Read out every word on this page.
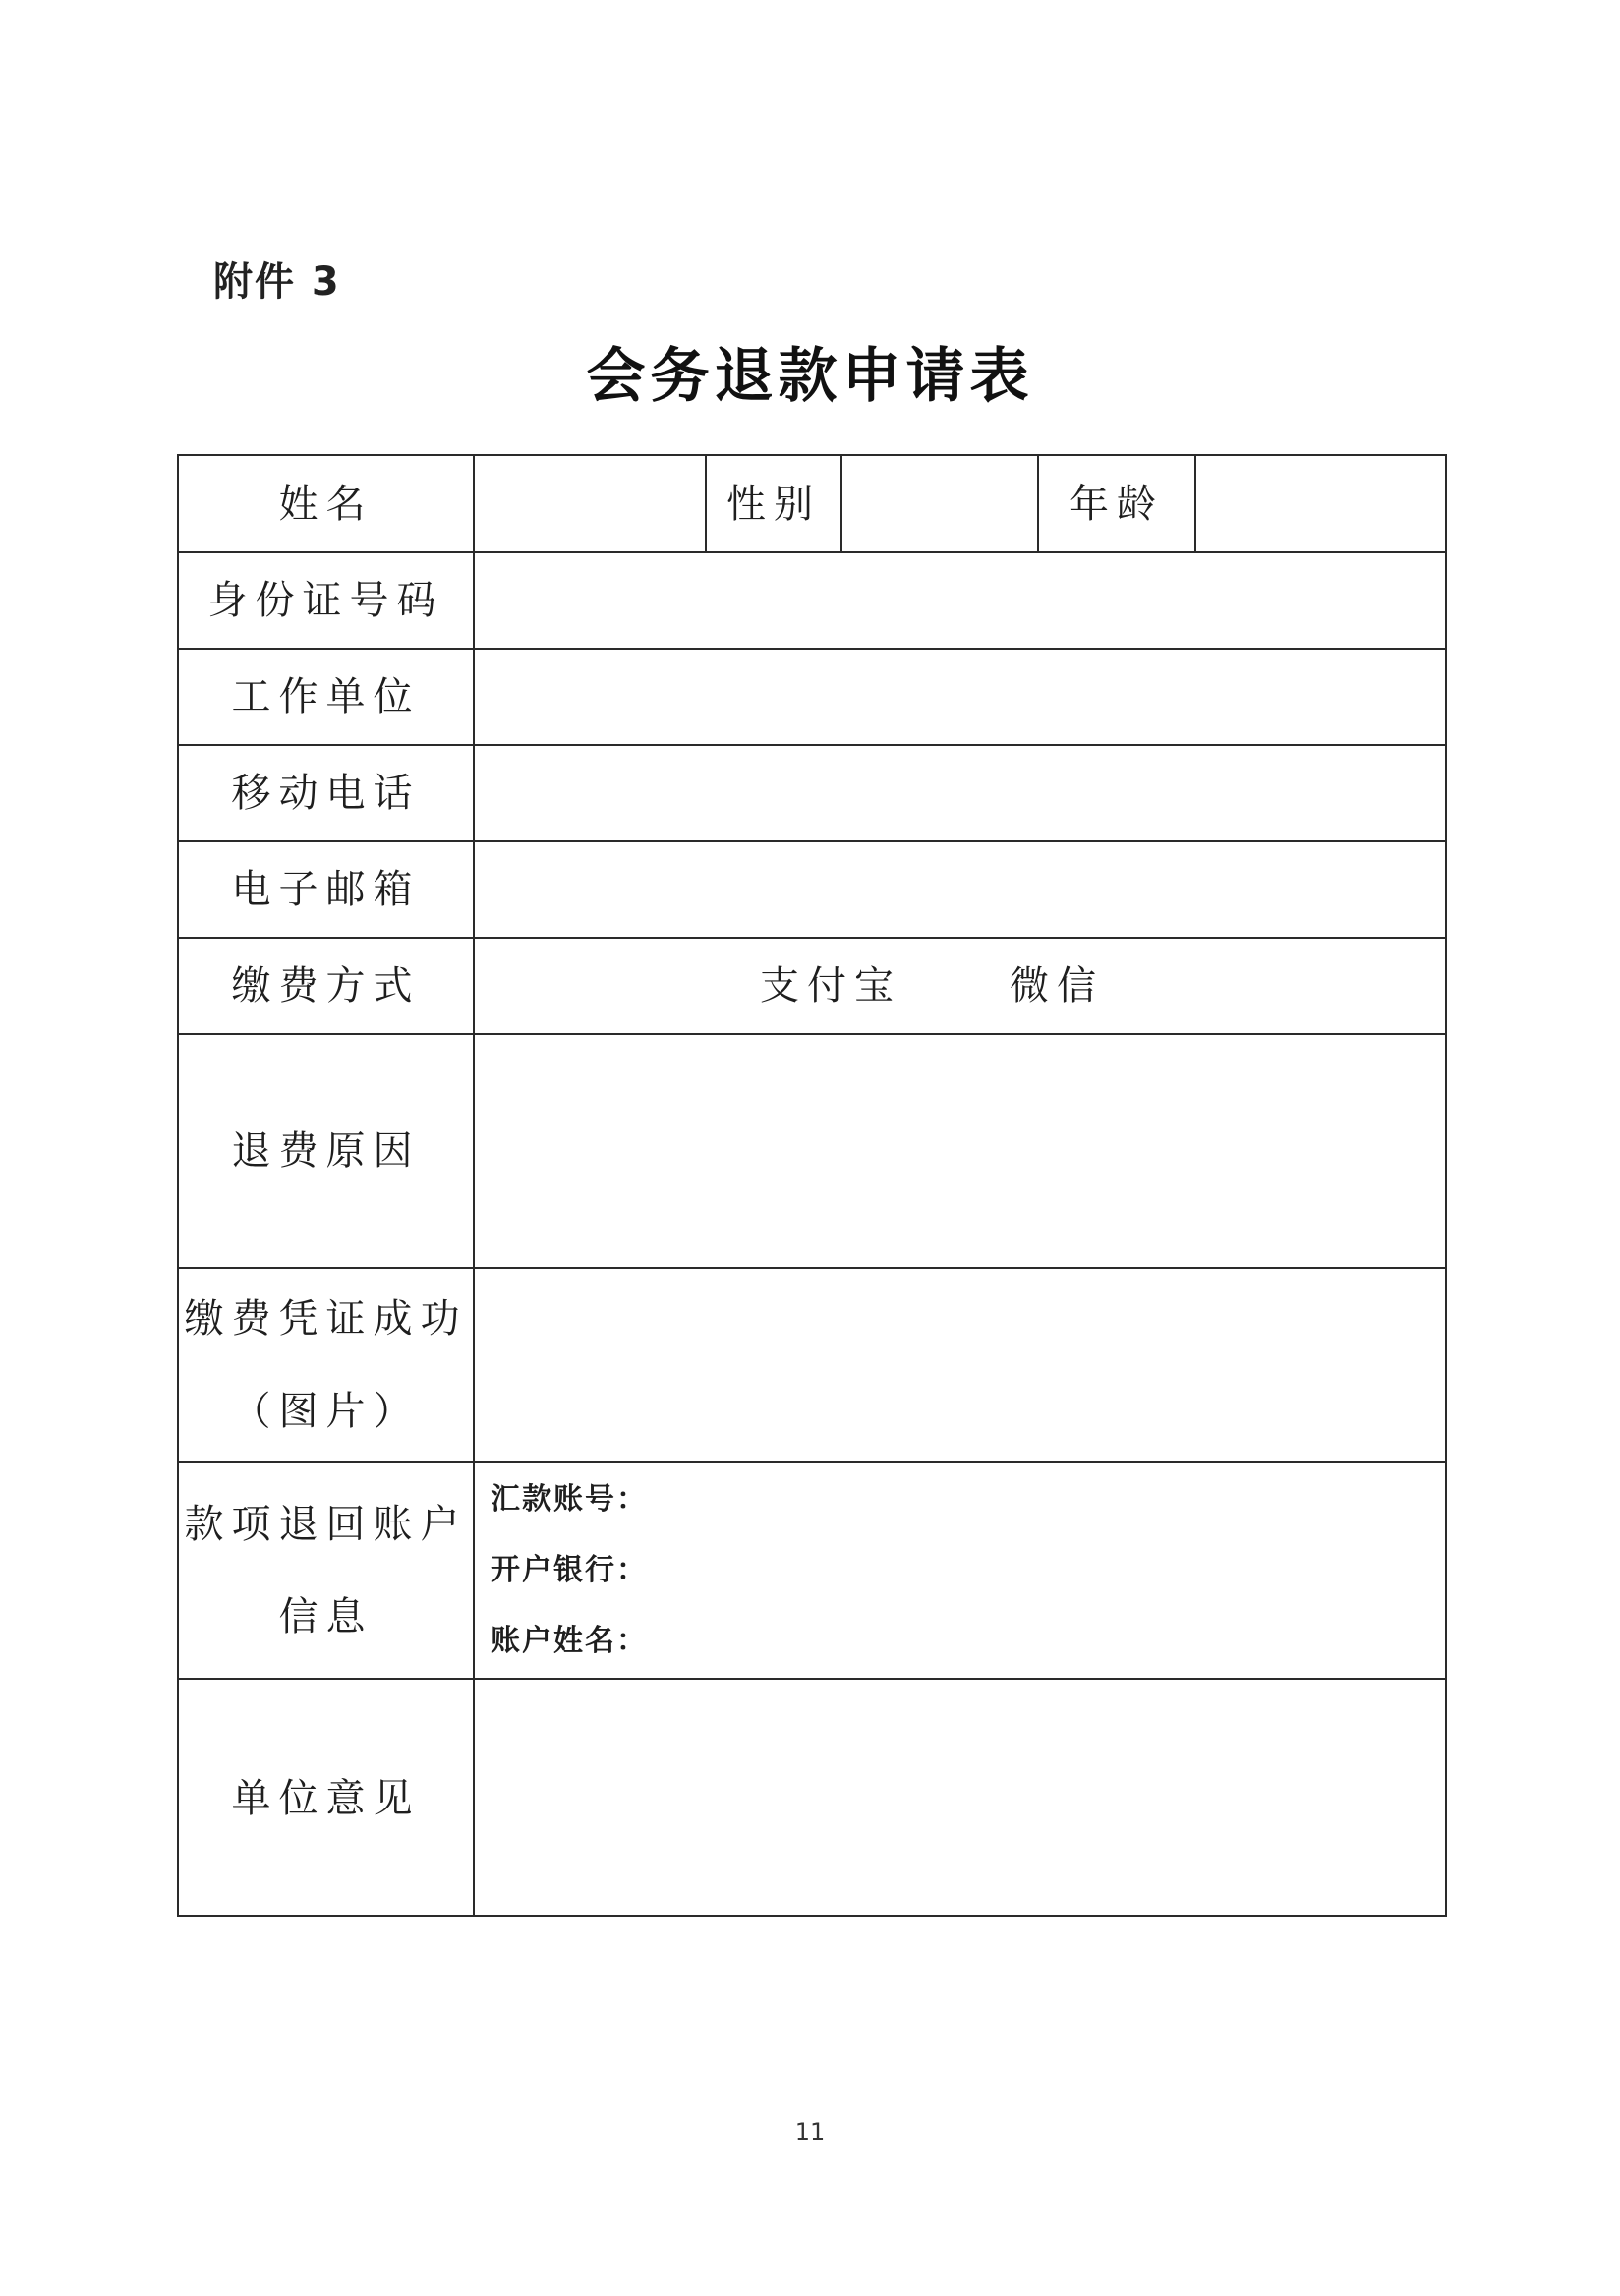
附件 3
会务退款申请表
姓名	性别	年龄
身份证号码
工作单位
移动电话
电子邮箱
缴费方式	支付宝	微信
退费原因
缴费凭证成功
（图片）
款项退回账户
信息
汇款账号：
开户银行：
账户姓名：
单位意见
11
